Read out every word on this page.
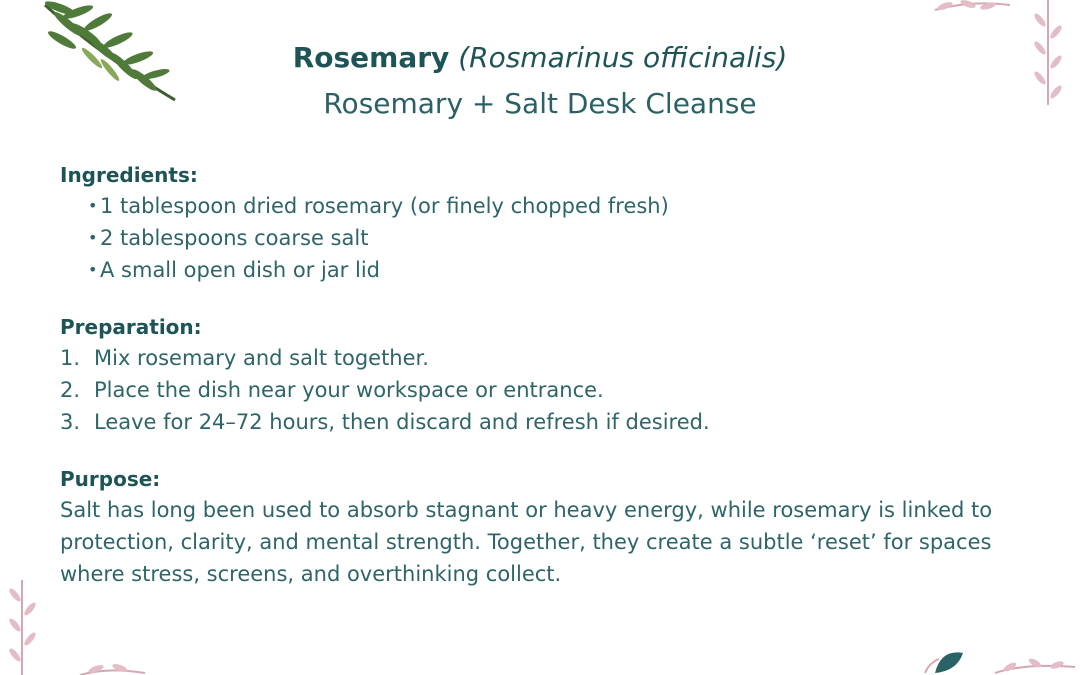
Rosemary (Rosmarinus officinalis)
Rosemary + Salt Desk Cleanse
Ingredients:
• 1 tablespoon dried rosemary (or finely chopped fresh)
• 2 tablespoons coarse salt
• A small open dish or jar lid
Preparation:
1. Mix rosemary and salt together.
2. Place the dish near your workspace or entrance.
3. Leave for 24–72 hours, then discard and refresh if desired.
Purpose:
Salt has long been used to absorb stagnant or heavy energy, while rosemary is linked to protection, clarity, and mental strength. Together, they create a subtle ‘reset’ for spaces where stress, screens, and overthinking collect.
